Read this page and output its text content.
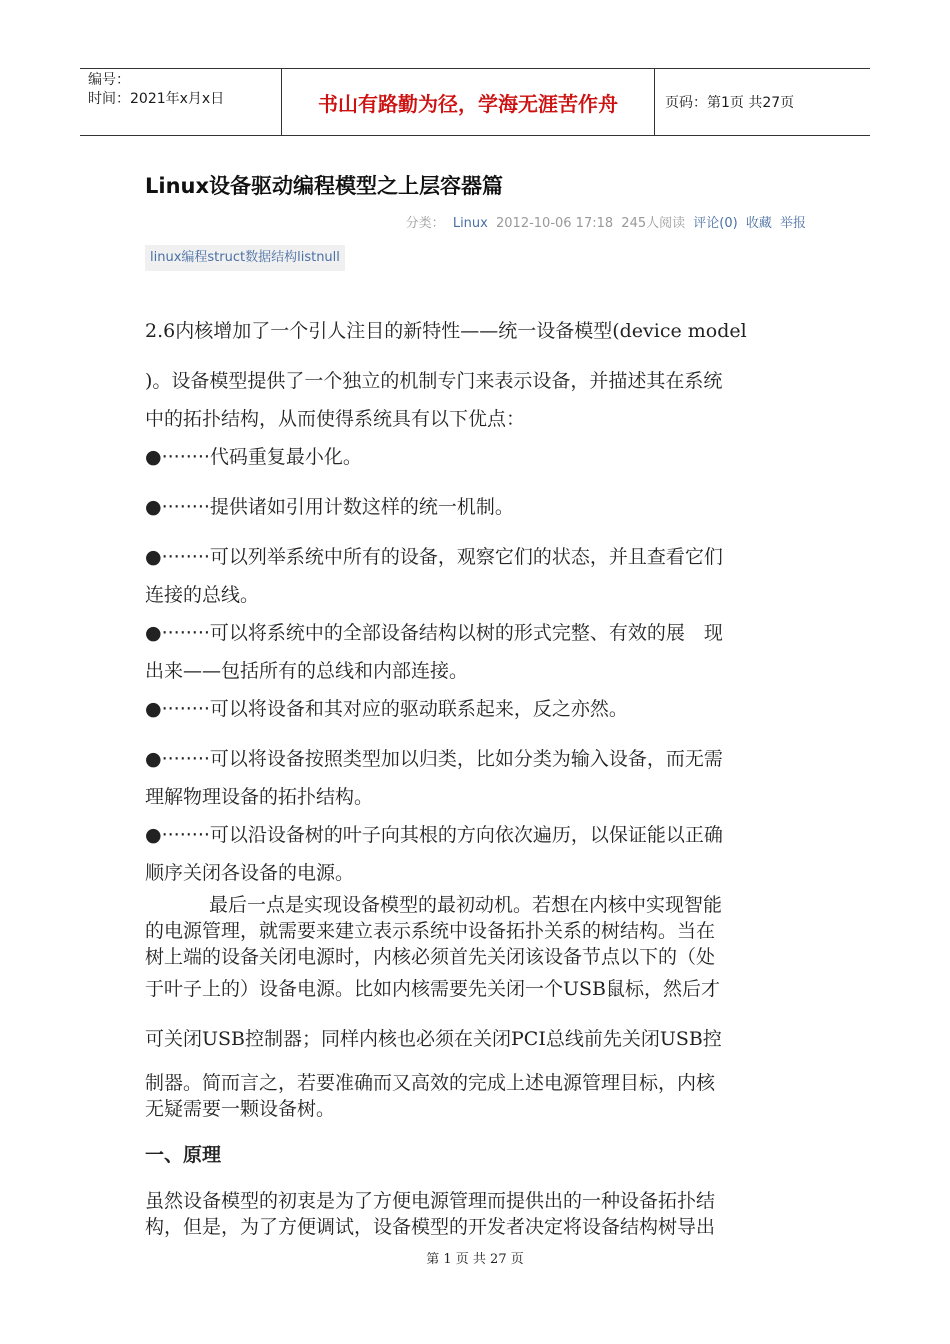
编号：
时间：2021年x月x日	书山有路勤为径，学海无涯苦作舟	页码：第1页 共27页
Linux设备驱动编程模型之上层容器篇
分类： Linux 2012-10-06 17:18 245人阅读 评论(0) 收藏 举报
linux编程struct数据结构listnull

2.6内核增加了一个引人注目的新特性——统一设备模型(device model

)。设备模型提供了一个独立的机制专门来表示设备，并描述其在系统

中的拓扑结构，从而使得系统具有以下优点：

●········代码重复最小化。

●········提供诸如引用计数这样的统一机制。

●········可以列举系统中所有的设备，观察它们的状态，并且查看它们

连接的总线。

●········可以将系统中的全部设备结构以树的形式完整、有效的展　现

出来——包括所有的总线和内部连接。

●········可以将设备和其对应的驱动联系起来，反之亦然。

●········可以将设备按照类型加以归类，比如分类为输入设备，而无需

理解物理设备的拓扑结构。

●········可以沿设备树的叶子向其根的方向依次遍历，以保证能以正确

顺序关闭各设备的电源。

最后一点是实现设备模型的最初动机。若想在内核中实现智能

的电源管理，就需要来建立表示系统中设备拓扑关系的树结构。当在

树上端的设备关闭电源时，内核必须首先关闭该设备节点以下的（处

于叶子上的）设备电源。比如内核需要先关闭一个USB鼠标，然后才

可关闭USB控制器；同样内核也必须在关闭PCI总线前先关闭USB控

制器。简而言之，若要准确而又高效的完成上述电源管理目标，内核

无疑需要一颗设备树。

一、原理

虽然设备模型的初衷是为了方便电源管理而提供出的一种设备拓扑结

构，但是，为了方便调试，设备模型的开发者决定将设备结构树导出

第 1 页 共 27 页
